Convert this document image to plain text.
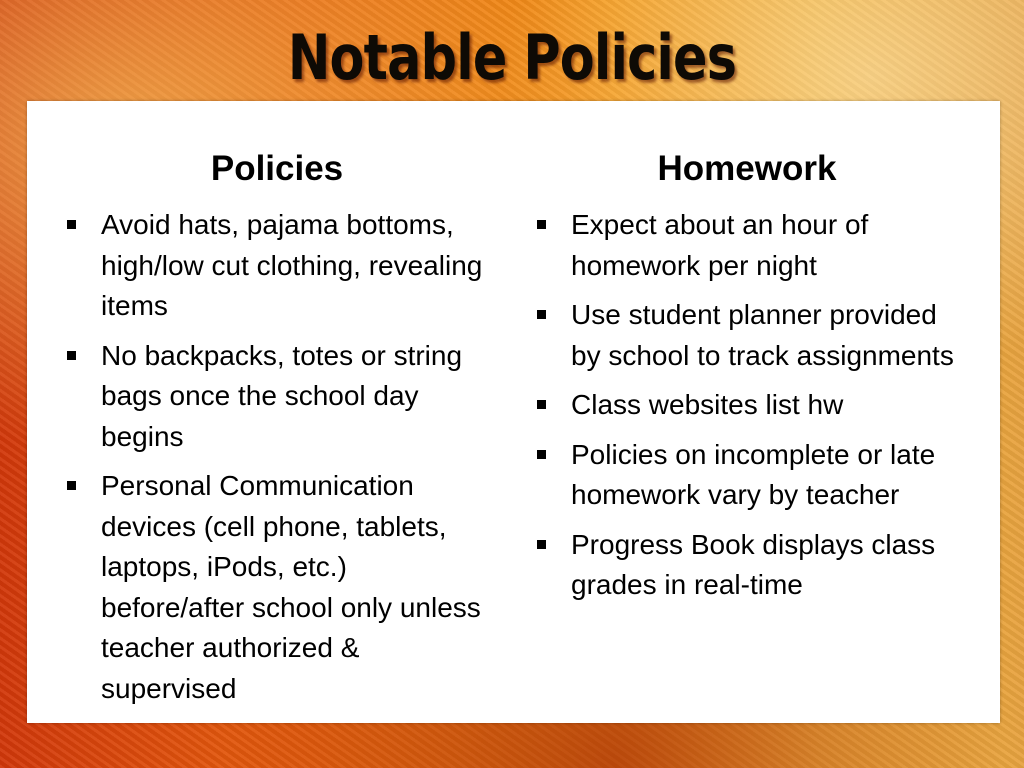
Notable Policies
Policies
Avoid hats, pajama bottoms, high/low cut clothing, revealing items
No backpacks, totes or string bags once the school day begins
Personal Communication devices (cell phone, tablets, laptops, iPods, etc.) before/after school only unless teacher authorized & supervised
Homework
Expect about an hour of homework per night
Use student planner provided by school to track assignments
Class websites list hw
Policies on incomplete or late homework vary by teacher
Progress Book displays class grades in real-time
